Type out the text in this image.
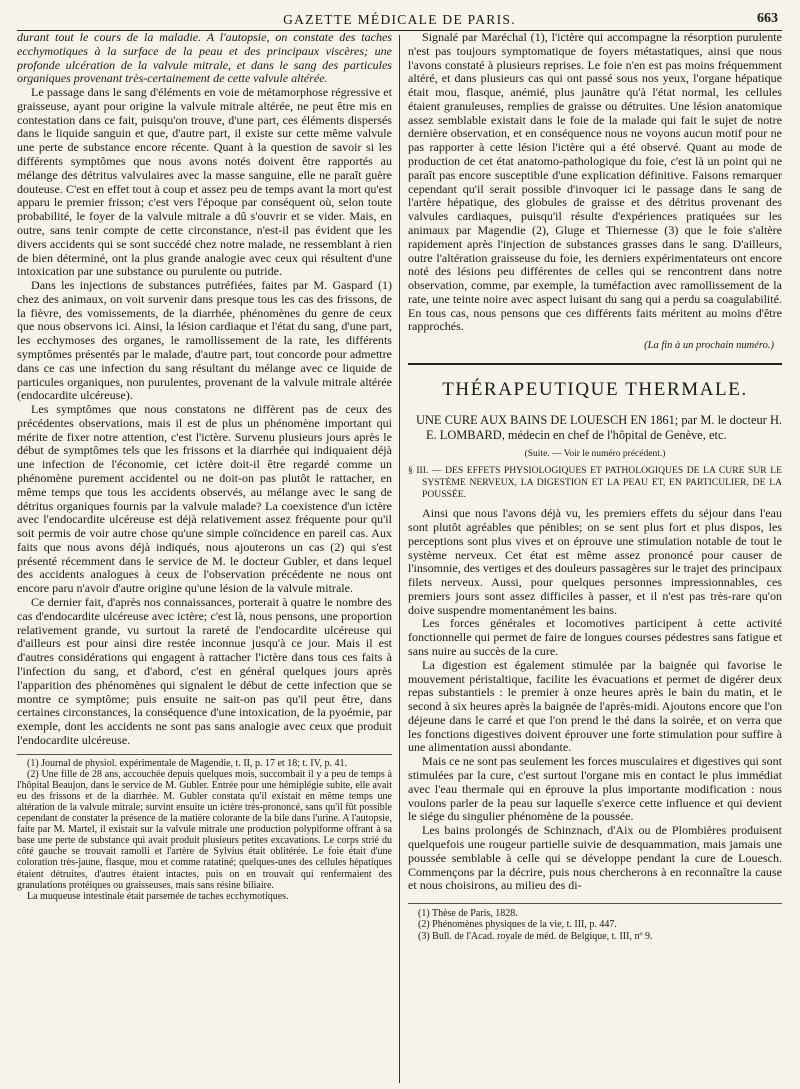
GAZETTE MÉDICALE DE PARIS.	663

durant tout le cours de la maladie. A l'autopsie, on constate des taches ecchymotiques à la surface de la peau et des principaux viscères; une profonde ulcération de la valvule mitrale, et dans le sang des particules organiques provenant très-certainement de cette valvule altérée.

Le passage dans le sang d'éléments en voie de métamorphose régressive et graisseuse, ayant pour origine la valvule mitrale altérée, ne peut être mis en contestation dans ce fait, puisqu'on trouve, d'une part, ces éléments dispersés dans le liquide sanguin et que, d'autre part, il existe sur cette même valvule une perte de substance encore récente. Quant à la question de savoir si les différents symptômes que nous avons notés doivent être rapportés au mélange des détritus valvulaires avec la masse sanguine, elle ne paraît guère douteuse. C'est en effet tout à coup et assez peu de temps avant la mort qu'est apparu le premier frisson; c'est vers l'époque par conséquent où, selon toute probabilité, le foyer de la valvule mitrale a dû s'ouvrir et se vider. Mais, en outre, sans tenir compte de cette circonstance, n'est-il pas évident que les divers accidents qui se sont succédé chez notre malade, ne ressemblant à rien de bien déterminé, ont la plus grande analogie avec ceux qui résultent d'une intoxication par une substance ou purulente ou putride.

Dans les injections de substances putréfiées, faites par M. Gaspard (1) chez des animaux, on voit survenir dans presque tous les cas des frissons, de la fièvre, des vomissements, de la diarrhée, phénomènes du genre de ceux que nous observons ici. Ainsi, la lésion cardiaque et l'état du sang, d'une part, les ecchymoses des organes, le ramollissement de la rate, les différents symptômes présentés par le malade, d'autre part, tout concorde pour admettre dans ce cas une infection du sang résultant du mélange avec ce liquide de particules organiques, non purulentes, provenant de la valvule mitrale altérée (endocardite ulcéreuse).

Les symptômes que nous constatons ne diffèrent pas de ceux des précédentes observations, mais il est de plus un phénomène important qui mérite de fixer notre attention, c'est l'ictère. Survenu plusieurs jours après le début de symptômes tels que les frissons et la diarrhée qui indiquaient déjà une infection de l'économie, cet ictère doit-il être regardé comme un phénomène purement accidentel ou ne doit-on pas plutôt le rattacher, en même temps que tous les accidents observés, au mélange avec le sang de détritus organiques fournis par la valvule malade? La coexistence d'un ictère avec l'endocardite ulcéreuse est déjà relativement assez fréquente pour qu'il soit permis de voir autre chose qu'une simple coïncidence en pareil cas. Aux faits que nous avons déjà indiqués, nous ajouterons un cas (2) qui s'est présenté récemment dans le service de M. le docteur Gubler, et dans lequel des accidents analogues à ceux de l'observation précédente ne nous ont encore paru n'avoir d'autre origine qu'une lésion de la valvule mitrale.

Ce dernier fait, d'après nos connaissances, porterait à quatre le nombre des cas d'endocardite ulcéreuse avec ictère; c'est là, nous pensons, une proportion relativement grande, vu surtout la rareté de l'endocardite ulcéreuse qui d'ailleurs est pour ainsi dire restée inconnue jusqu'à ce jour. Mais il est d'autres considérations qui engagent à rattacher l'ictère dans tous ces faits à l'infection du sang, et d'abord, c'est en général quelques jours après l'apparition des phénomènes qui signalent le début de cette infection que se montre ce symptôme; puis ensuite ne sait-on pas qu'il peut être, dans certaines circonstances, la conséquence d'une intoxication, de la pyoémie, par exemple, dont les accidents ne sont pas sans analogie avec ceux que produit l'endocardite ulcéreuse.

(1) Journal de physiol. expérimentale de Magendie, t. II, p. 17 et 18; t. IV, p. 41.

(2) Une fille de 28 ans, accouchée depuis quelques mois, succombait il y a peu de temps à l'hôpital Beaujon, dans le service de M. Gubler. Entrée pour une hémiplégie subite, elle avait eu des frissons et de la diarrhée. M. Gubler constata qu'il existait en même temps une altération de la valvule mitrale; survint ensuite un ictère très-prononcé, sans qu'il fût possible cependant de constater la présence de la matière colorante de la bile dans l'urine. A l'autopsie, faite par M. Martel, il existait sur la valvule mitrale une production polypiforme offrant à sa base une perte de substance qui avait produit plusieurs petites excavations. Le corps strié du côté gauche se trouvait ramolli et l'artère de Sylvius était oblitérée. Le foie était d'une coloration très-jaune, flasque, mou et comme ratatiné; quelques-unes des cellules hépatiques étaient détruites, d'autres étaient intactes, puis on en trouvait qui renfermaient des granulations protéiques ou graisseuses, mais sans résine biliaire.

La muqueuse intestinale était parsemée de taches ecchymotiques.

Signalé par Maréchal (1), l'ictère qui accompagne la résorption purulente n'est pas toujours symptomatique de foyers métastatiques, ainsi que nous l'avons constaté à plusieurs reprises. Le foie n'en est pas moins fréquemment altéré, et dans plusieurs cas qui ont passé sous nos yeux, l'organe hépatique était mou, flasque, anémié, plus jaunâtre qu'à l'état normal, les cellules étaient granuleuses, remplies de graisse ou détruites. Une lésion anatomique assez semblable existait dans le foie de la malade qui fait le sujet de notre dernière observation, et en conséquence nous ne voyons aucun motif pour ne pas rapporter à cette lésion l'ictère qui a été observé. Quant au mode de production de cet état anatomo-pathologique du foie, c'est là un point qui ne paraît pas encore susceptible d'une explication définitive. Faisons remarquer cependant qu'il serait possible d'invoquer ici le passage dans le sang de l'artère hépatique, des globules de graisse et des détritus provenant des valvules cardiaques, puisqu'il résulte d'expériences pratiquées sur les animaux par Magendie (2), Gluge et Thiernesse (3) que le foie s'altère rapidement après l'injection de substances grasses dans le sang. D'ailleurs, outre l'altération graisseuse du foie, les derniers expérimentateurs ont encore noté des lésions peu différentes de celles qui se rencontrent dans notre observation, comme, par exemple, la tuméfaction avec ramollissement de la rate, une teinte noire avec aspect luisant du sang qui a perdu sa coagulabilité. En tous cas, nous pensons que ces différents faits méritent au moins d'être rapprochés.

(La fin à un prochain numéro.)
THÉRAPEUTIQUE THERMALE.

UNE CURE AUX BAINS DE LOUESCH EN 1861; par M. le docteur H. E. LOMBARD, médecin en chef de l'hôpital de Genève, etc.

(Suite. — Voir le numéro précédent.)

§ III. — DES EFFETS PHYSIOLOGIQUES ET PATHOLOGIQUES DE LA CURE SUR LE SYSTÈME NERVEUX, LA DIGESTION ET LA PEAU ET, EN PARTICULIER, DE LA POUSSÉE.

Ainsi que nous l'avons déjà vu, les premiers effets du séjour dans l'eau sont plutôt agréables que pénibles; on se sent plus fort et plus dispos, les perceptions sont plus vives et on éprouve une stimulation notable de tout le système nerveux. Cet état est même assez prononcé pour causer de l'insomnie, des vertiges et des douleurs passagères sur le trajet des principaux filets nerveux. Aussi, pour quelques personnes impressionnables, ces premiers jours sont assez difficiles à passer, et il n'est pas très-rare qu'on doive suspendre momentanément les bains.

Les forces générales et locomotives participent à cette activité fonctionnelle qui permet de faire de longues courses pédestres sans fatigue et sans nuire au succès de la cure.

La digestion est également stimulée par la baignée qui favorise le mouvement péristaltique, facilite les évacuations et permet de digérer deux repas substantiels : le premier à onze heures après le bain du matin, et le second à six heures après la baignée de l'après-midi. Ajoutons encore que l'on déjeune dans le carré et que l'on prend le thé dans la soirée, et on verra que les fonctions digestives doivent éprouver une forte stimulation pour suffire à une alimentation aussi abondante.

Mais ce ne sont pas seulement les forces musculaires et digestives qui sont stimulées par la cure, c'est surtout l'organe mis en contact le plus immédiat avec l'eau thermale qui en éprouve la plus importante modification : nous voulons parler de la peau sur laquelle s'exerce cette influence et qui devient le siége du singulier phénomène de la poussée.

Les bains prolongés de Schinznach, d'Aix ou de Plombières produisent quelquefois une rougeur partielle suivie de desquammation, mais jamais une poussée semblable à celle qui se développe pendant la cure de Louesch. Commençons par la décrire, puis nous chercherons à en reconnaître la cause et nous choisirons, au milieu des di-

(1) Thèse de Paris, 1828.

(2) Phénomènes physiques de la vie, t. III, p. 447.

(3) Bull. de l'Acad. royale de méd. de Belgique, t. III, nº 9.
